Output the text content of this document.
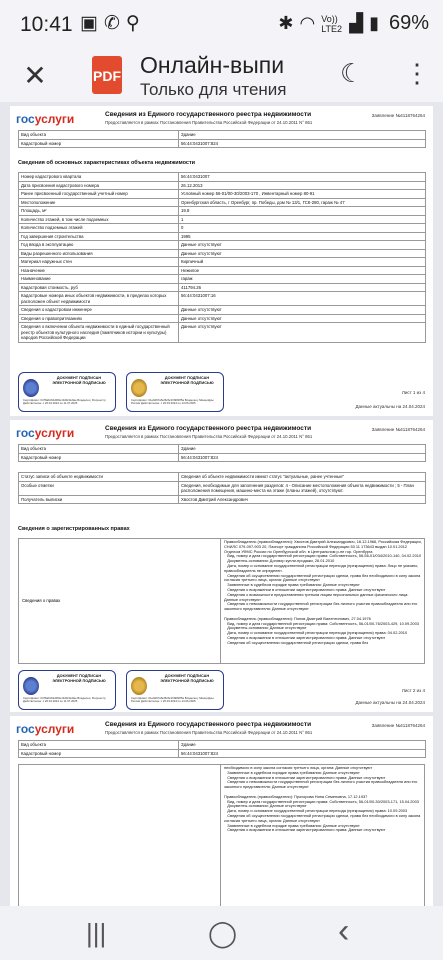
10:41 ▣ ✆ ⚲	✱ ◠ Vo)) LTE2 ▟ ▮ 69%
✕	PDF Онлайн-выпи
Только для чтения
☾ ⋮
госуслуги	Сведения из Единого государственного реестра недвижимости
Предоставляется в рамках Постановления Правительства Российской Федерации от 24.10.2011 N° 861
Заявление №4118764264
Вид объекта	Здание
Кадастровый номер	56:44:0431007:824
Сведения об основных характеристиках объекта недвижимости
Номер кадастрового квартала	56:44:0431007
Дата присвоения кадастрового номера	26.12.2013
Ранее присвоенный государственный учетный номер	Условный номер 56-01/00-30/2003-170 , Инвентарный номер 80-91
Местоположение	Оренбургская область, г Оренбург, пр. Победы, дом № 13/1, ГСК-280, гараж № 47
Площадь, м²	19.8
Количество этажей, в том числе подземных	1
Количество подземных этажей	0
Год завершения строительства	1995
Год ввода в эксплуатацию	Данные отсутствуют
Виды разрешенного использования	Данные отсутствуют
Материал наружных стен	Кирпичный
Назначение	Нежилое
Наименование	гараж
Кадастровая стоимость, руб	411794.26
Кадастровые номера иных объектов недвижимости, в пределах которых расположен объект недвижимости	56:44:0431007:16
Сведения о кадастровом инженере	Данные отсутствуют
Сведения о правопритязаниях	Данные отсутствуют
Сведения о включении объекта недвижимости в единый государственный реестр объектов культурного наследия (памятников истории и культуры) народов Российской Федерации	Данные отсутствуют
ДОКУМЕНТ ПОДПИСАН ЭЛЕКТРОННОЙ ПОДПИСЬЮ
Сертификат: 0478a6c62d0f0e13d9c3e9ae Владелец: Росреестр Действителен: с 20.04.2024 по 11.07.2025
ДОКУМЕНТ ПОДПИСАН ЭЛЕКТРОННОЙ ПОДПИСЬЮ
Сертификат: 01e0d97a5ef62bc1f4982ff5a Владелец: Минцифры России Действителен: с 20.03.2024 по 13.06.2025
Лист 1 из 4
Данные актуальны на 24.04.2024
госуслуги	Сведения из Единого государственного реестра недвижимости
Предоставляется в рамках Постановления Правительства Российской Федерации от 24.10.2011 N° 861
Заявление №4118764264
Вид объекта	Здание
Кадастровый номер	56:44:0431007:824
Статус записи об объекте недвижимости	Сведения об объекте недвижимости имеют статус "актуальные, ранее учтенные"
Особые отметки	Сведения, необходимые для заполнения разделов: 4 - Описание местоположения объекта недвижимости ; 5 - План расположения помещения, машино-места на этаже (планы этажей), отсутствуют.
Получатель выписки	Хвостов Дмитрий Александрович
Сведения о зарегистрированных правах
Сведения о правах
Правообладатель (правообладатели): Хвостов Дмитрий Александрович, 16.12.1966, Российская Федерация, СНИЛС 079-097-903 20, Паспорт гражданина Российской Федерации 53 11 173643 выдан 10.01.2012 Отделом УФМС России по Оренбургской обл. в Центральном р-не гор. Оренбурга
Вид, номер и дата государственной регистрации права: Собственность, 56-56-01/034/2010-140, 04.02.2010
Документы-основания: Договор купли-продажи, 26.01.2010
Дата, номер и основание государственной регистрации перехода (прекращения) права: Лицо не указано, правообладатель не определен.
Сведения об осуществлении государственной регистрации сделки, права без необходимого в силу закона согласия третьего лица, органа: Данные отсутствуют
Заявленные в судебном порядке права требования: Данные отсутствуют
Сведения о возражении в отношении зарегистрированного права: Данные отсутствуют
Сведения о возможности предоставления третьим лицам персональных данных физического лица: Данные отсутствуют
Сведения о невозможности государственной регистрации без личного участия правообладателя или его законного представителя: Данные отсутствуют

Правообладатель (правообладатели): Попов Дмитрий Валентинович, 27.04.1976
Вид, номер и дата государственной регистрации права: Собственность, 56-01/00-76/2003-429, 10.09.2003
Документы-основания: Данные отсутствуют
Дата, номер и основание государственной регистрации перехода (прекращения) права: 04.02.2010
Сведения о возражении в отношении зарегистрированного права: Данные отсутствуют
Сведения об осуществлении государственной регистрации сделки, права без
ДОКУМЕНТ ПОДПИСАН ЭЛЕКТРОННОЙ ПОДПИСЬЮ
Сертификат: 0478a6c62d0f0e13d9c3e9ae Владелец: Росреестр Действителен: с 20.04.2024 по 11.07.2025
ДОКУМЕНТ ПОДПИСАН ЭЛЕКТРОННОЙ ПОДПИСЬЮ
Сертификат: 01e0d97a5ef62bc1f4982ff5a Владелец: Минцифры России Действителен: с 20.03.2024 по 13.06.2025
Лист 2 из 4
Данные актуальны на 24.04.2024
госуслуги	Сведения из Единого государственного реестра недвижимости
Предоставляется в рамках Постановления Правительства Российской Федерации от 24.10.2011 N° 861
Заявление №4118764264
Вид объекта	Здание
Кадастровый номер	56:44:0431007:824
необходимого в силу закона согласия третьего лица, органа: Данные отсутствуют
Заявленные в судебном порядке права требования: Данные отсутствуют
Сведения о возражении в отношении зарегистрированного права: Данные отсутствуют
Сведения о невозможности государственной регистрации без личного участия правообладателя или его законного представителя: Данные отсутствуют

Правообладатель (правообладатели): Прохорова Нина Семеновна, 17.12.1937
Вид, номер и дата государственной регистрации права: Собственность, 56-01/00-30/2003-171, 15.04.2003
Документы-основания: Данные отсутствуют
Дата, номер и основание государственной регистрации перехода (прекращения) права: 10.09.2003
Сведения об осуществлении государственной регистрации сделки, права без необходимого в силу закона согласия третьего лица, органа: Данные отсутствуют
Заявленные в судебном порядке права требования: Данные отсутствуют
Сведения о возражении в отношении зарегистрированного права: Данные отсутствуют
|||	◯	‹
